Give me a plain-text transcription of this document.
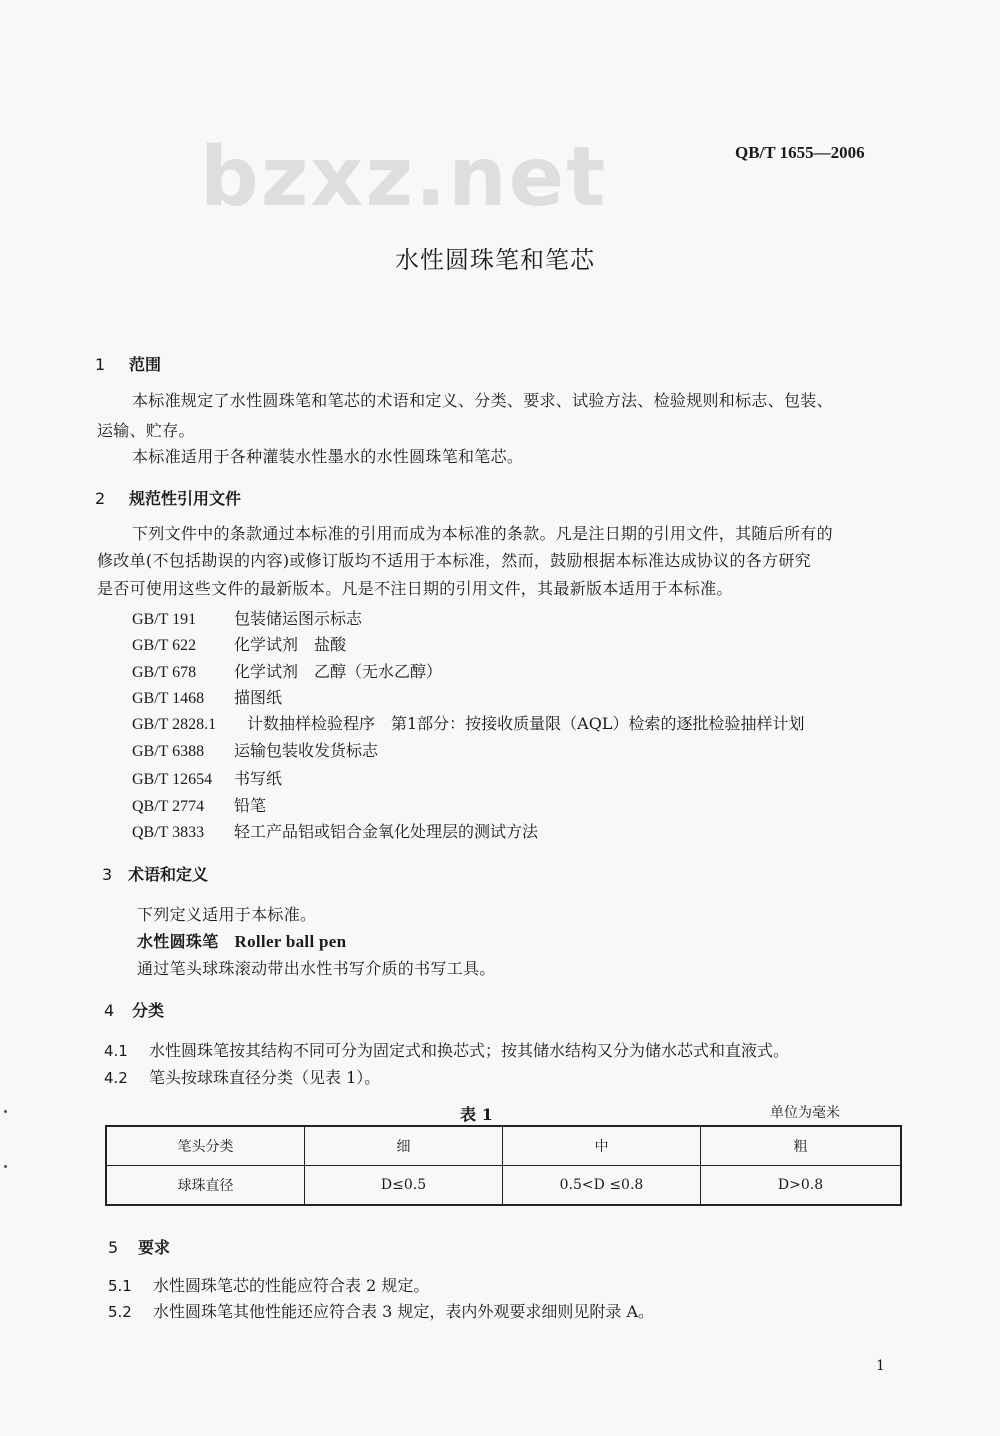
bzxz.net	QB/T 1655—2006
水性圆珠笔和笔芯
1 范围
本标准规定了水性圆珠笔和笔芯的术语和定义、分类、要求、试验方法、检验规则和标志、包装、
运输、贮存。
本标准适用于各种灌装水性墨水的水性圆珠笔和笔芯。
2 规范性引用文件
下列文件中的条款通过本标准的引用而成为本标准的条款。凡是注日期的引用文件，其随后所有的
修改单(不包括勘误的内容)或修订版均不适用于本标准，然而，鼓励根据本标准达成协议的各方研究
是否可使用这些文件的最新版本。凡是不注日期的引用文件，其最新版本适用于本标准。
GB/T 191 包装储运图示标志
GB/T 622 化学试剂　盐酸
GB/T 678 化学试剂　乙醇（无水乙醇）
GB/T 1468 描图纸
GB/T 2828.1 计数抽样检验程序　第1部分：按接收质量限（AQL）检索的逐批检验抽样计划
GB/T 6388 运输包装收发货标志
GB/T 12654 书写纸
QB/T 2774 铅笔
QB/T 3833 轻工产品铝或铝合金氧化处理层的测试方法
3 术语和定义
下列定义适用于本标准。
水性圆珠笔 Roller ball pen
通过笔头球珠滚动带出水性书写介质的书写工具。
4 分类
4.1 水性圆珠笔按其结构不同可分为固定式和换芯式；按其储水结构又分为储水芯式和直液式。
4.2 笔头按球珠直径分类（见表 1）。
表 1	单位为毫米
笔头分类	细	中	粗
球珠直径	D≤0.5	0.5<D ≤0.8	D>0.8
5 要求
5.1 水性圆珠笔芯的性能应符合表 2 规定。
5.2 水性圆珠笔其他性能还应符合表 3 规定，表内外观要求细则见附录 A。
1
